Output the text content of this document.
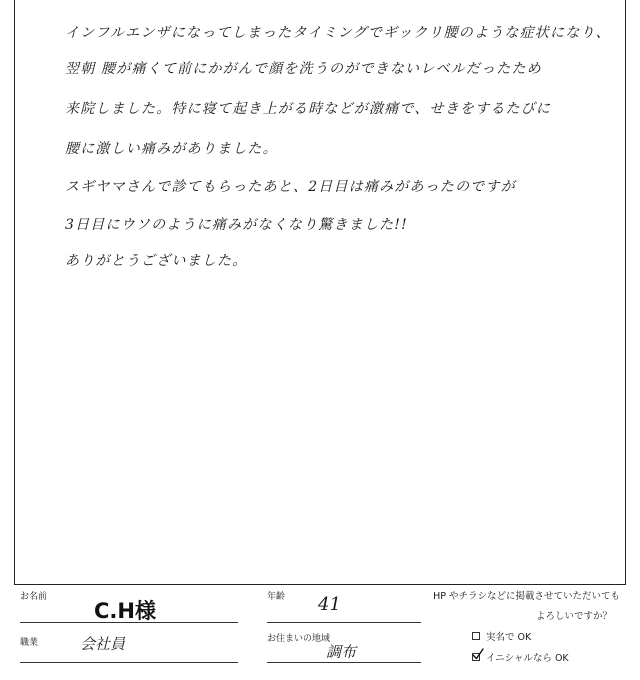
インフルエンザになってしまったタイミングでギックリ腰のような症状になり、
翌朝 腰が痛くて前にかがんで顔を洗うのができないレベルだったため
来院しました。特に寝て起き上がる時などが激痛で、せきをするたびに
腰に激しい痛みがありました。
スギヤマさんで診てもらったあと、2日目は痛みがあったのですが
3日目にウソのように痛みがなくなり驚きました!!
ありがとうございました。
お名前
C.H様
年齢 41
職業	会社員	お住まいの地域
調布
HP やチラシなどに掲載させていただいても
よろしいですか？
実名で OK
イニシャルなら OK
